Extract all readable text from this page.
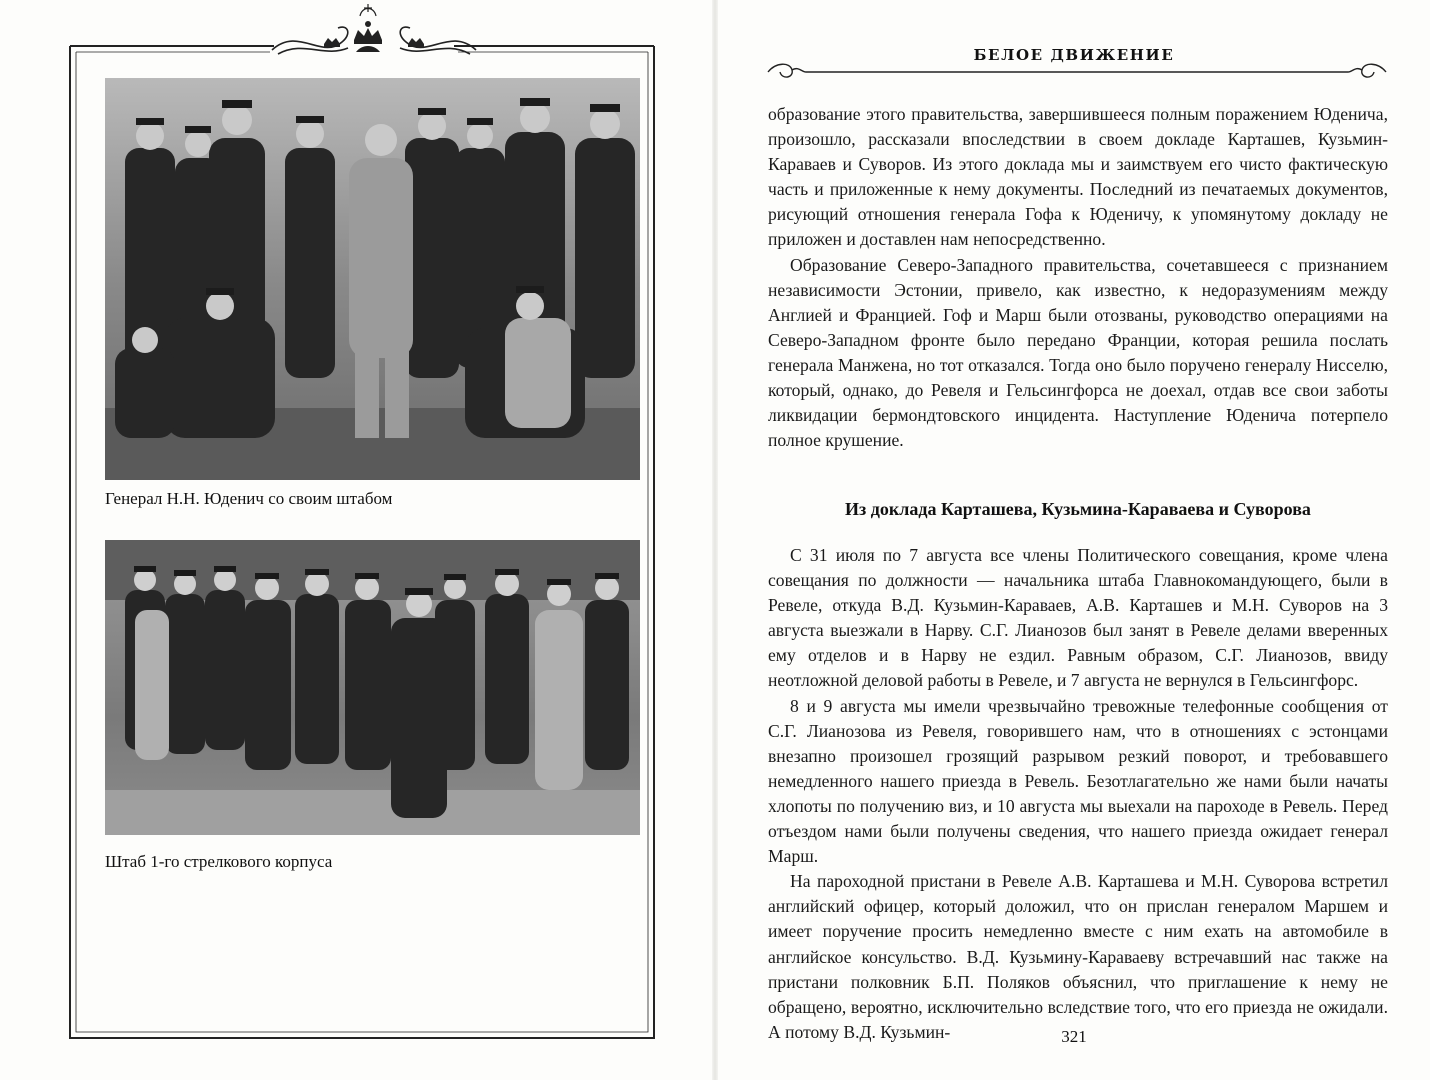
Генерал Н.Н. Юденич со своим штабом
Штаб 1-го стрелкового корпуса
БЕЛОЕ ДВИЖЕНИЕ

образование этого правительства, завершившееся полным поражением Юденича, произошло, рассказали впоследствии в своем докладе Карташев, Кузьмин-Караваев и Суворов. Из этого доклада мы и заимствуем его чисто фактическую часть и приложенные к нему документы. Последний из печатаемых документов, рисующий отношения генерала Гофа к Юденичу, к упомянутому докладу не приложен и доставлен нам непосредственно.

Образование Северо-Западного правительства, сочетавшееся с признанием независимости Эстонии, привело, как известно, к недоразумениям между Англией и Францией. Гоф и Марш были отозваны, руководство операциями на Северо-Западном фронте было передано Франции, которая решила послать генерала Манжена, но тот отказался. Тогда оно было поручено генералу Нисселю, который, однако, до Ревеля и Гельсингфорса не доехал, отдав все свои заботы ликвидации бермондтовского инцидента. Наступление Юденича потерпело полное крушение.

Из доклада Карташева, Кузьмина-Караваева и Суворова

С 31 июля по 7 августа все члены Политического совещания, кроме члена совещания по должности — начальника штаба Главнокомандующего, были в Ревеле, откуда В.Д. Кузьмин-Караваев, А.В. Карташев и М.Н. Суворов на 3 августа выезжали в Нарву. С.Г. Лианозов был занят в Ревеле делами вверенных ему отделов и в Нарву не ездил. Равным образом, С.Г. Лианозов, ввиду неотложной деловой работы в Ревеле, и 7 августа не вернулся в Гельсингфорс.

8 и 9 августа мы имели чрезвычайно тревожные телефонные сообщения от С.Г. Лианозова из Ревеля, говорившего нам, что в отношениях с эстонцами внезапно произошел грозящий разрывом резкий поворот, и требовавшего немедленного нашего приезда в Ревель. Безотлагательно же нами были начаты хлопоты по получению виз, и 10 августа мы выехали на пароходе в Ревель. Перед отъездом нами были получены сведения, что нашего приезда ожидает генерал Марш.

На пароходной пристани в Ревеле А.В. Карташева и М.Н. Суворова встретил английский офицер, который доложил, что он прислан генералом Маршем и имеет поручение просить немедленно вместе с ним ехать на автомобиле в английское консульство. В.Д. Кузьмину-Караваеву встречавший нас также на пристани полковник Б.П. Поляков объяснил, что приглашение к нему не обращено, вероятно, исключительно вследствие того, что его приезда не ожидали. А потому В.Д. Кузьмин-	321
